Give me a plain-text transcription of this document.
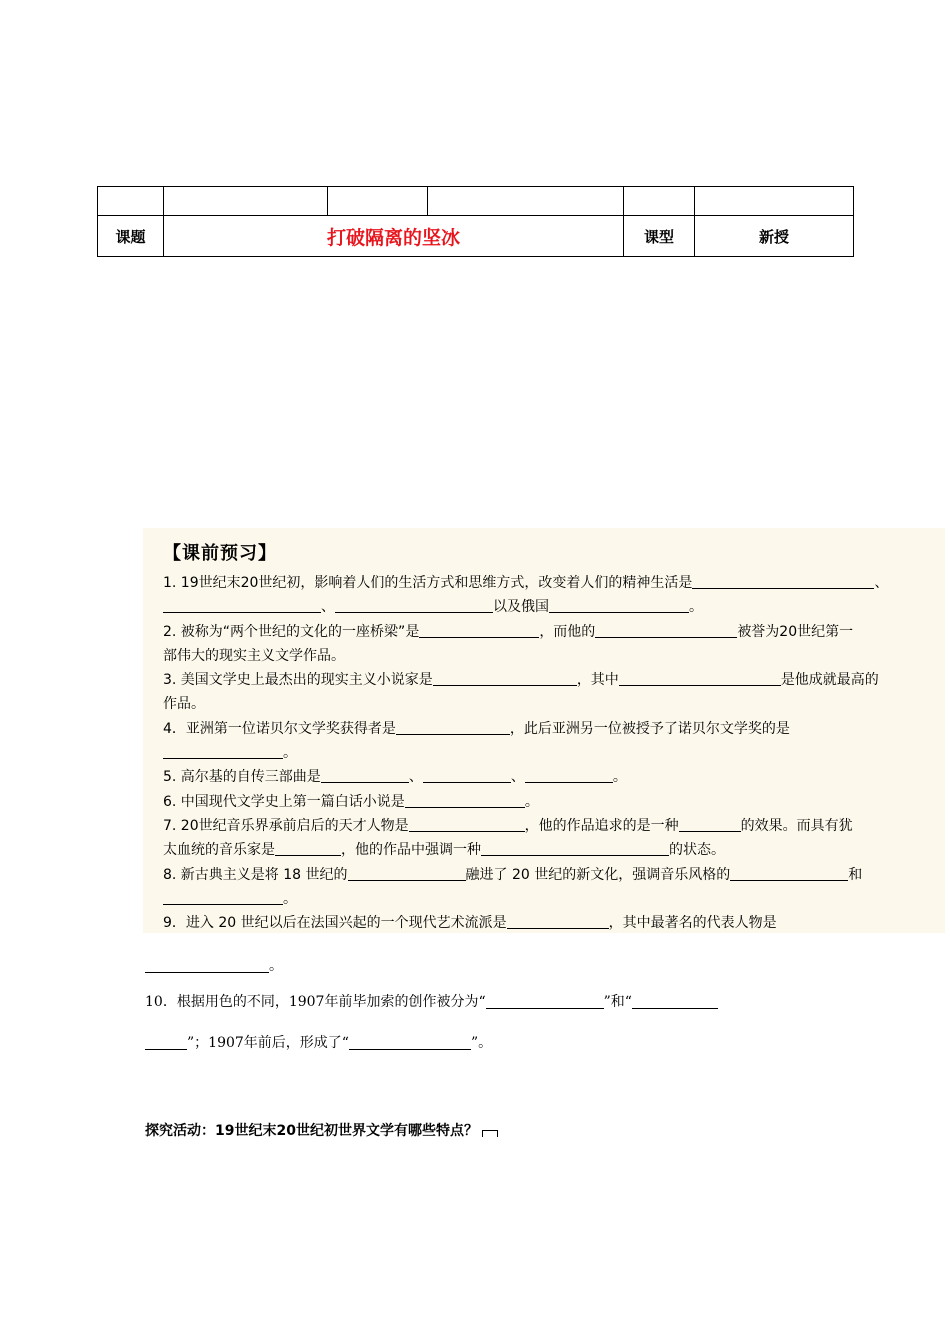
课题	打破隔离的坚冰			课型	新授
【课前预习】
1. 19世纪末20世纪初，影响着人们的生活方式和思维方式，改变着人们的精神生活是	、
、	以及俄国	。
2. 被称为“两个世纪的文化的一座桥梁”是	，而他的	被誉为20世纪第一
部伟大的现实主义文学作品。
3. 美国文学史上最杰出的现实主义小说家是	，其中	是他成就最高的
作品。
4．亚洲第一位诺贝尔文学奖获得者是	，此后亚洲另一位被授予了诺贝尔文学奖的是
。
5. 高尔基的自传三部曲是	、	、	。
6. 中国现代文学史上第一篇白话小说是	。
7. 20世纪音乐界承前启后的天才人物是	，他的作品追求的是一种	的效果。而具有犹
太血统的音乐家是	，他的作品中强调一种	的状态。
8. 新古典主义是将 18 世纪的	融进了 20 世纪的新文化，强调音乐风格的	和
。
9．进入 20 世纪以后在法国兴起的一个现代艺术流派是	，其中最著名的代表人物是
。
10．根据用色的不同，1907年前毕加索的创作被分为“	”和“
”；1907年前后，形成了“	”。
探究活动：19世纪末20世纪初世界文学有哪些特点？
